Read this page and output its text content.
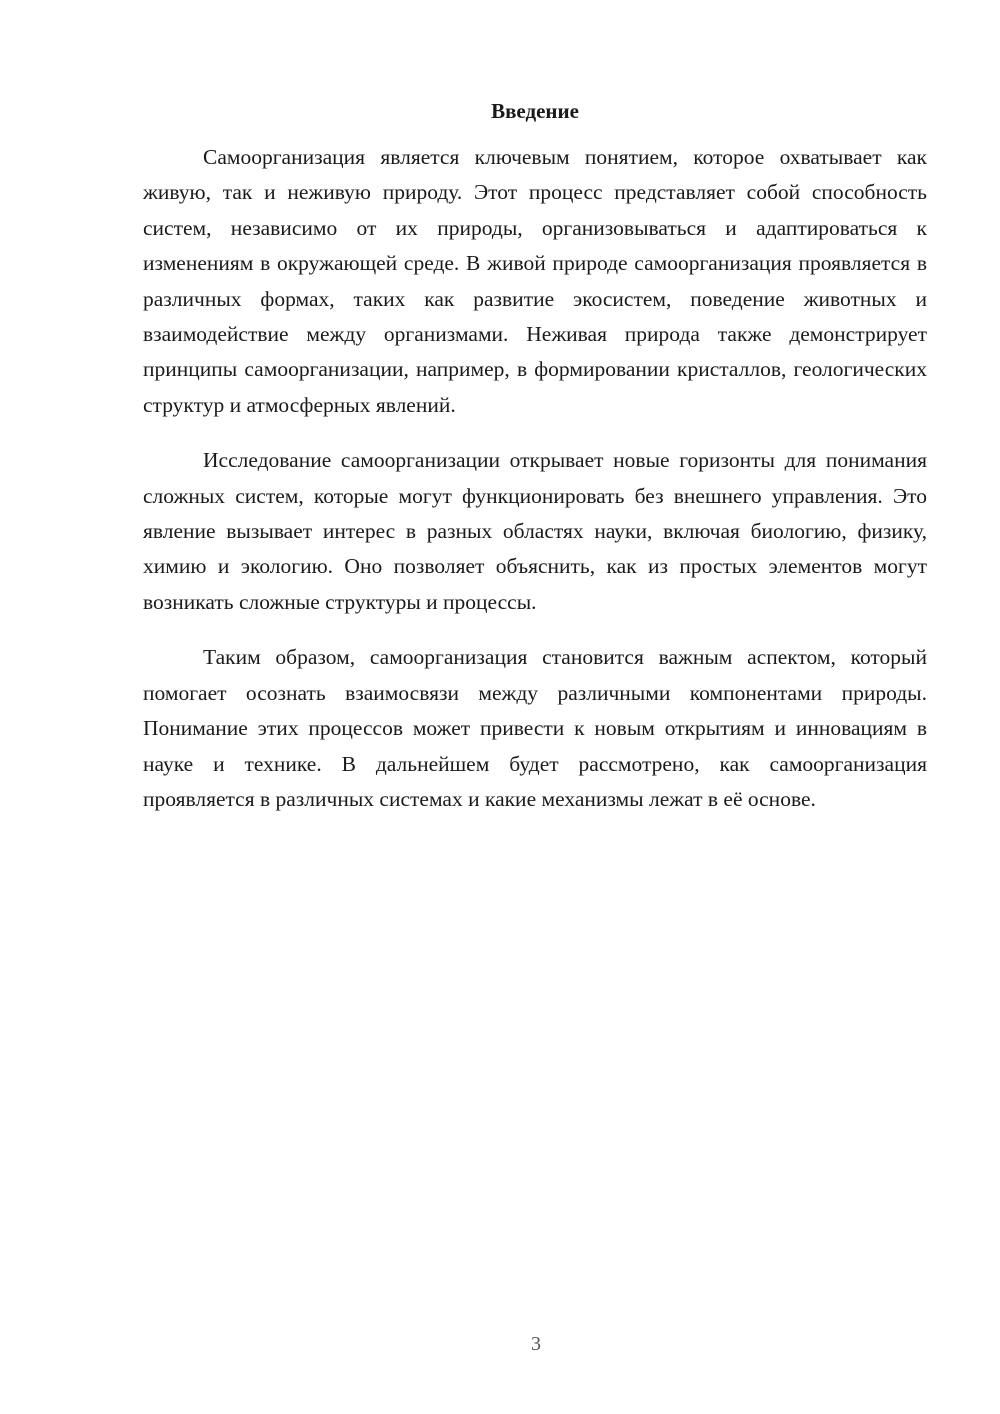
Введение

Самоорганизация является ключевым понятием, которое охватывает как живую, так и неживую природу. Этот процесс представляет собой способность систем, независимо от их природы, организовываться и адаптироваться к изменениям в окружающей среде. В живой природе самоорганизация проявляется в различных формах, таких как развитие экосистем, поведение животных и взаимодействие между организмами. Неживая природа также демонстрирует принципы самоорганизации, например, в формировании кристаллов, геологических структур и атмосферных явлений.

Исследование самоорганизации открывает новые горизонты для понимания сложных систем, которые могут функционировать без внешнего управления. Это явление вызывает интерес в разных областях науки, включая биологию, физику, химию и экологию. Оно позволяет объяснить, как из простых элементов могут возникать сложные структуры и процессы.

Таким образом, самоорганизация становится важным аспектом, который помогает осознать взаимосвязи между различными компонентами природы. Понимание этих процессов может привести к новым открытиям и инновациям в науке и технике. В дальнейшем будет рассмотрено, как самоорганизация проявляется в различных системах и какие механизмы лежат в её основе.

3
